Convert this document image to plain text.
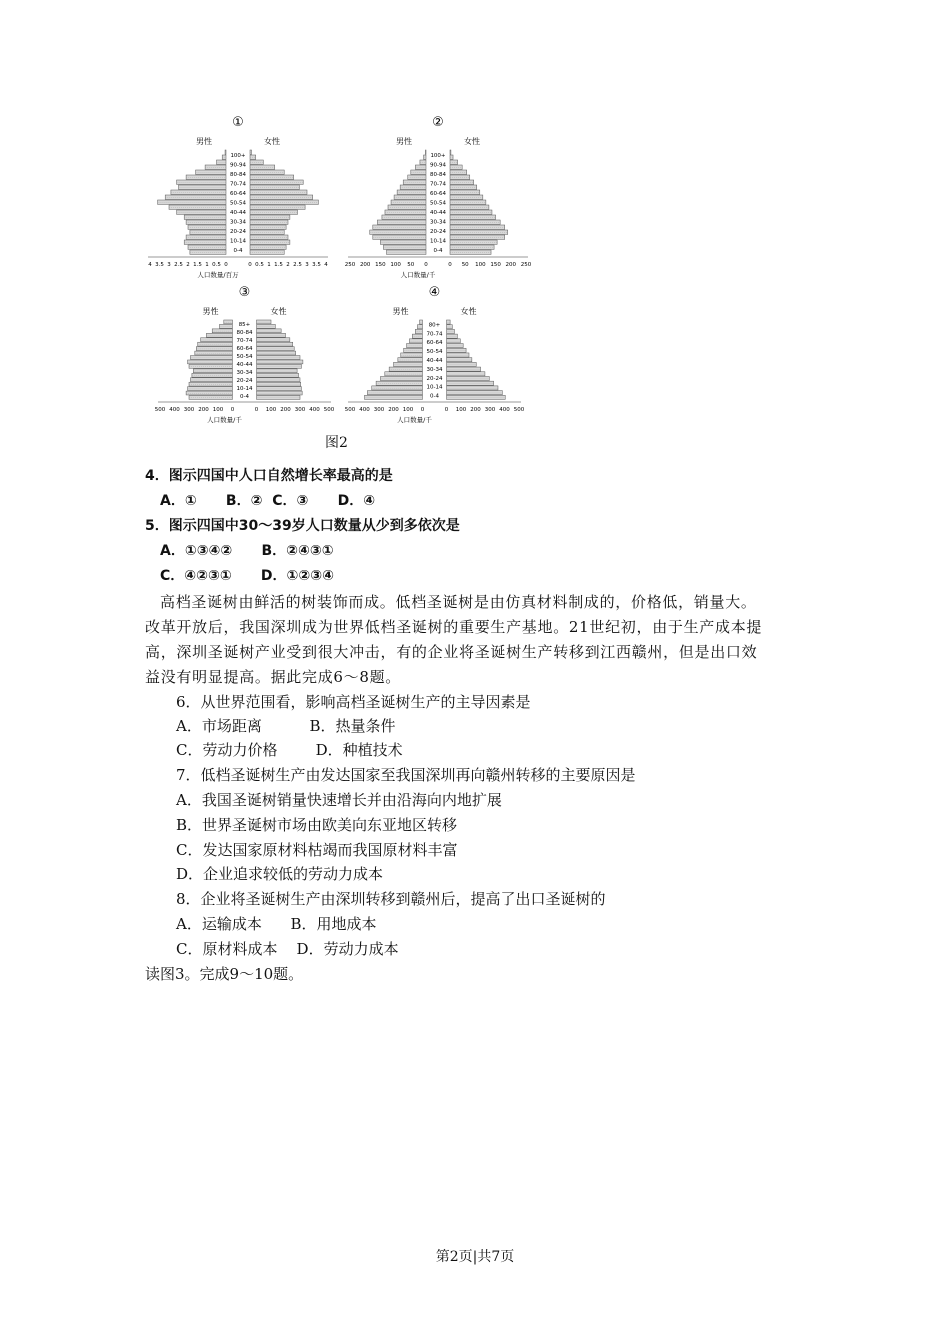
①
男性	女性
100+
90-94
80-84
70-74
60-64
50-54
40-44
30-34
20-24
10-14
0-4
4 3.5 3 2.5 2 1.5 1 0.5 0	0 0.5 1 1.5 2 2.5 3 3.5 4
人口数量/百万
②
男性	女性
100+
90-94
80-84
70-74
60-64
50-54
40-44
30-34
20-24
10-14
0-4
250 200 150 100 50 0	0 50 100 150 200 250
人口数量/千
③
男性	女性
85+
80-84
70-74
60-64
50-54
40-44
30-34
20-24
10-14
0-4
500 400 300 200 100 0	0 100 200 300 400 500
人口数量/千
④
男性	女性
80+
70-74
60-64
50-54
40-44
30-34
20-24
10-14
0-4
500 400 300 200 100 0	0 100 200 300 400 500
人口数量/千
图2
4．图示四国中人口自然增长率最高的是
A．①      B．②  C．③      D．④
5．图示四国中30～39岁人口数量从少到多依次是
A．①③④②      B．②④③①
C．④②③①      D．①②③④
高档圣诞树由鲜活的树装饰而成。低档圣诞树是由仿真材料制成的，价格低，销量大。
改革开放后，我国深圳成为世界低档圣诞树的重要生产基地。21世纪初，由于生产成本提
高，深圳圣诞树产业受到很大冲击，有的企业将圣诞树生产转移到江西赣州，但是出口效
益没有明显提高。据此完成6～8题。
6．从世界范围看，影响高档圣诞树生产的主导因素是
A．市场距离          B．热量条件
C．劳动力价格        D．种植技术
7．低档圣诞树生产由发达国家至我国深圳再向赣州转移的主要原因是
A．我国圣诞树销量快速增长并由沿海向内地扩展
B．世界圣诞树市场由欧美向东亚地区转移
C．发达国家原材料枯竭而我国原材料丰富
D．企业追求较低的劳动力成本
8．企业将圣诞树生产由深圳转移到赣州后，提高了出口圣诞树的
A．运输成本      B．用地成本
C．原材料成本    D．劳动力成本
读图3。完成9～10题。
第2页|共7页
